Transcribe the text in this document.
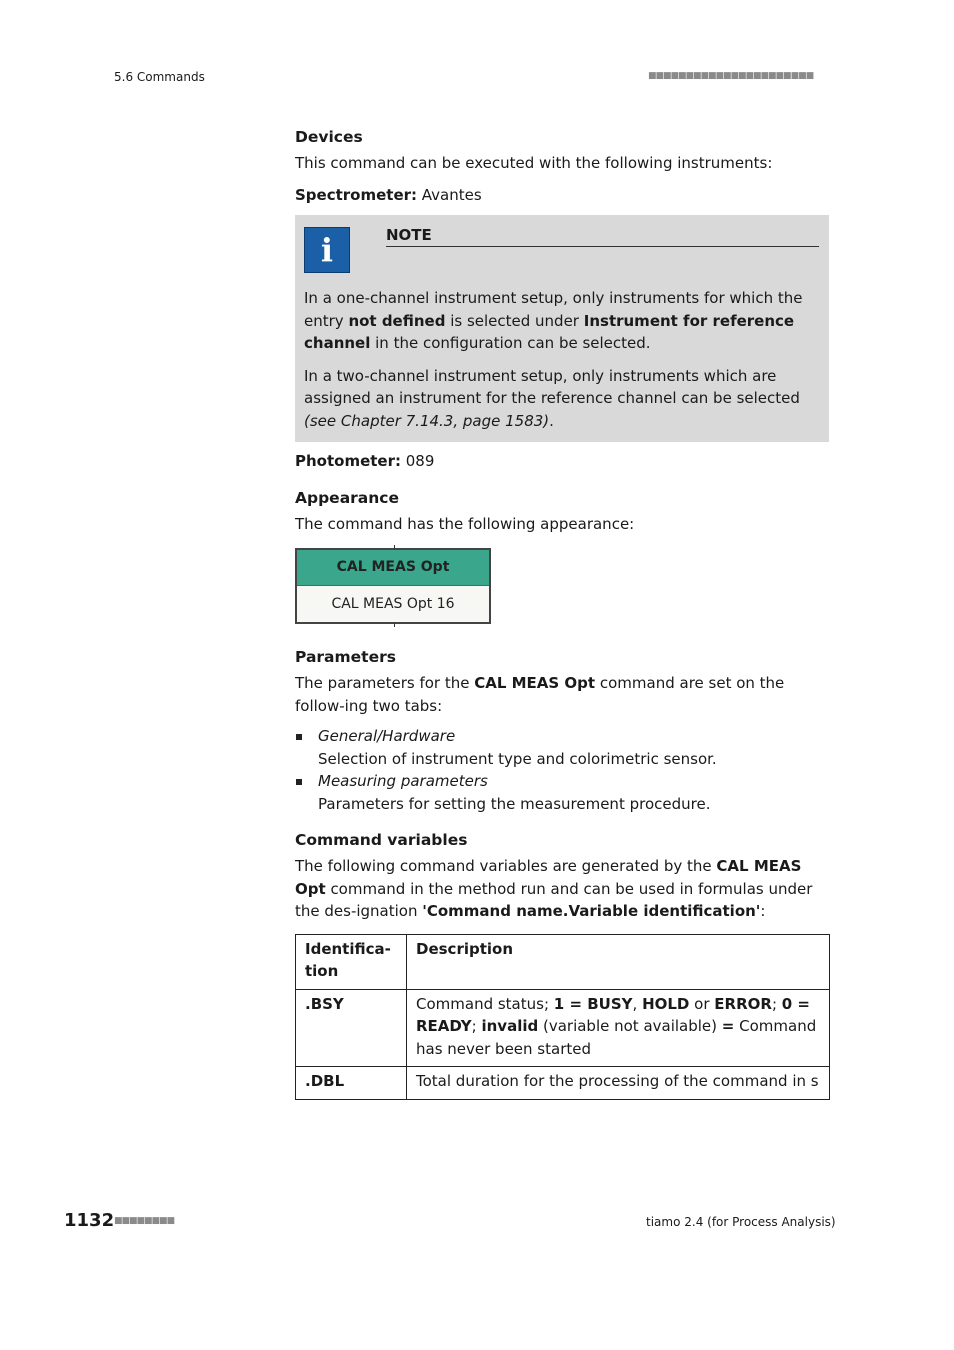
5.6 Commands	■■■■■■■■■■■■■■■■■■■■■■
Devices

This command can be executed with the following instruments:

Spectrometer: Avantes

i	NOTE

In a one-channel instrument setup, only instruments for which the entry not defined is selected under Instrument for reference channel in the configuration can be selected.

In a two-channel instrument setup, only instruments which are assigned an instrument for the reference channel can be selected (see Chapter 7.14.3, page 1583).

Photometer: 089

Appearance

The command has the following appearance:

CAL MEAS Opt
CAL MEAS Opt 16
Parameters

The parameters for the CAL MEAS Opt command are set on the follow-ing two tabs:

General/Hardware
Selection of instrument type and colorimetric sensor.
Measuring parameters
Parameters for setting the measurement procedure.
Command variables

The following command variables are generated by the CAL MEAS Opt command in the method run and can be used in formulas under the des-ignation 'Command name.Variable identification':

Identifica-tion	Description
.BSY	Command status; 1 = BUSY, HOLD or ERROR; 0 = READY; invalid (variable not available) = Command has never been started
.DBL	Total duration for the processing of the command in s
1132 ■■■■■■■■	tiamo 2.4 (for Process Analysis)
